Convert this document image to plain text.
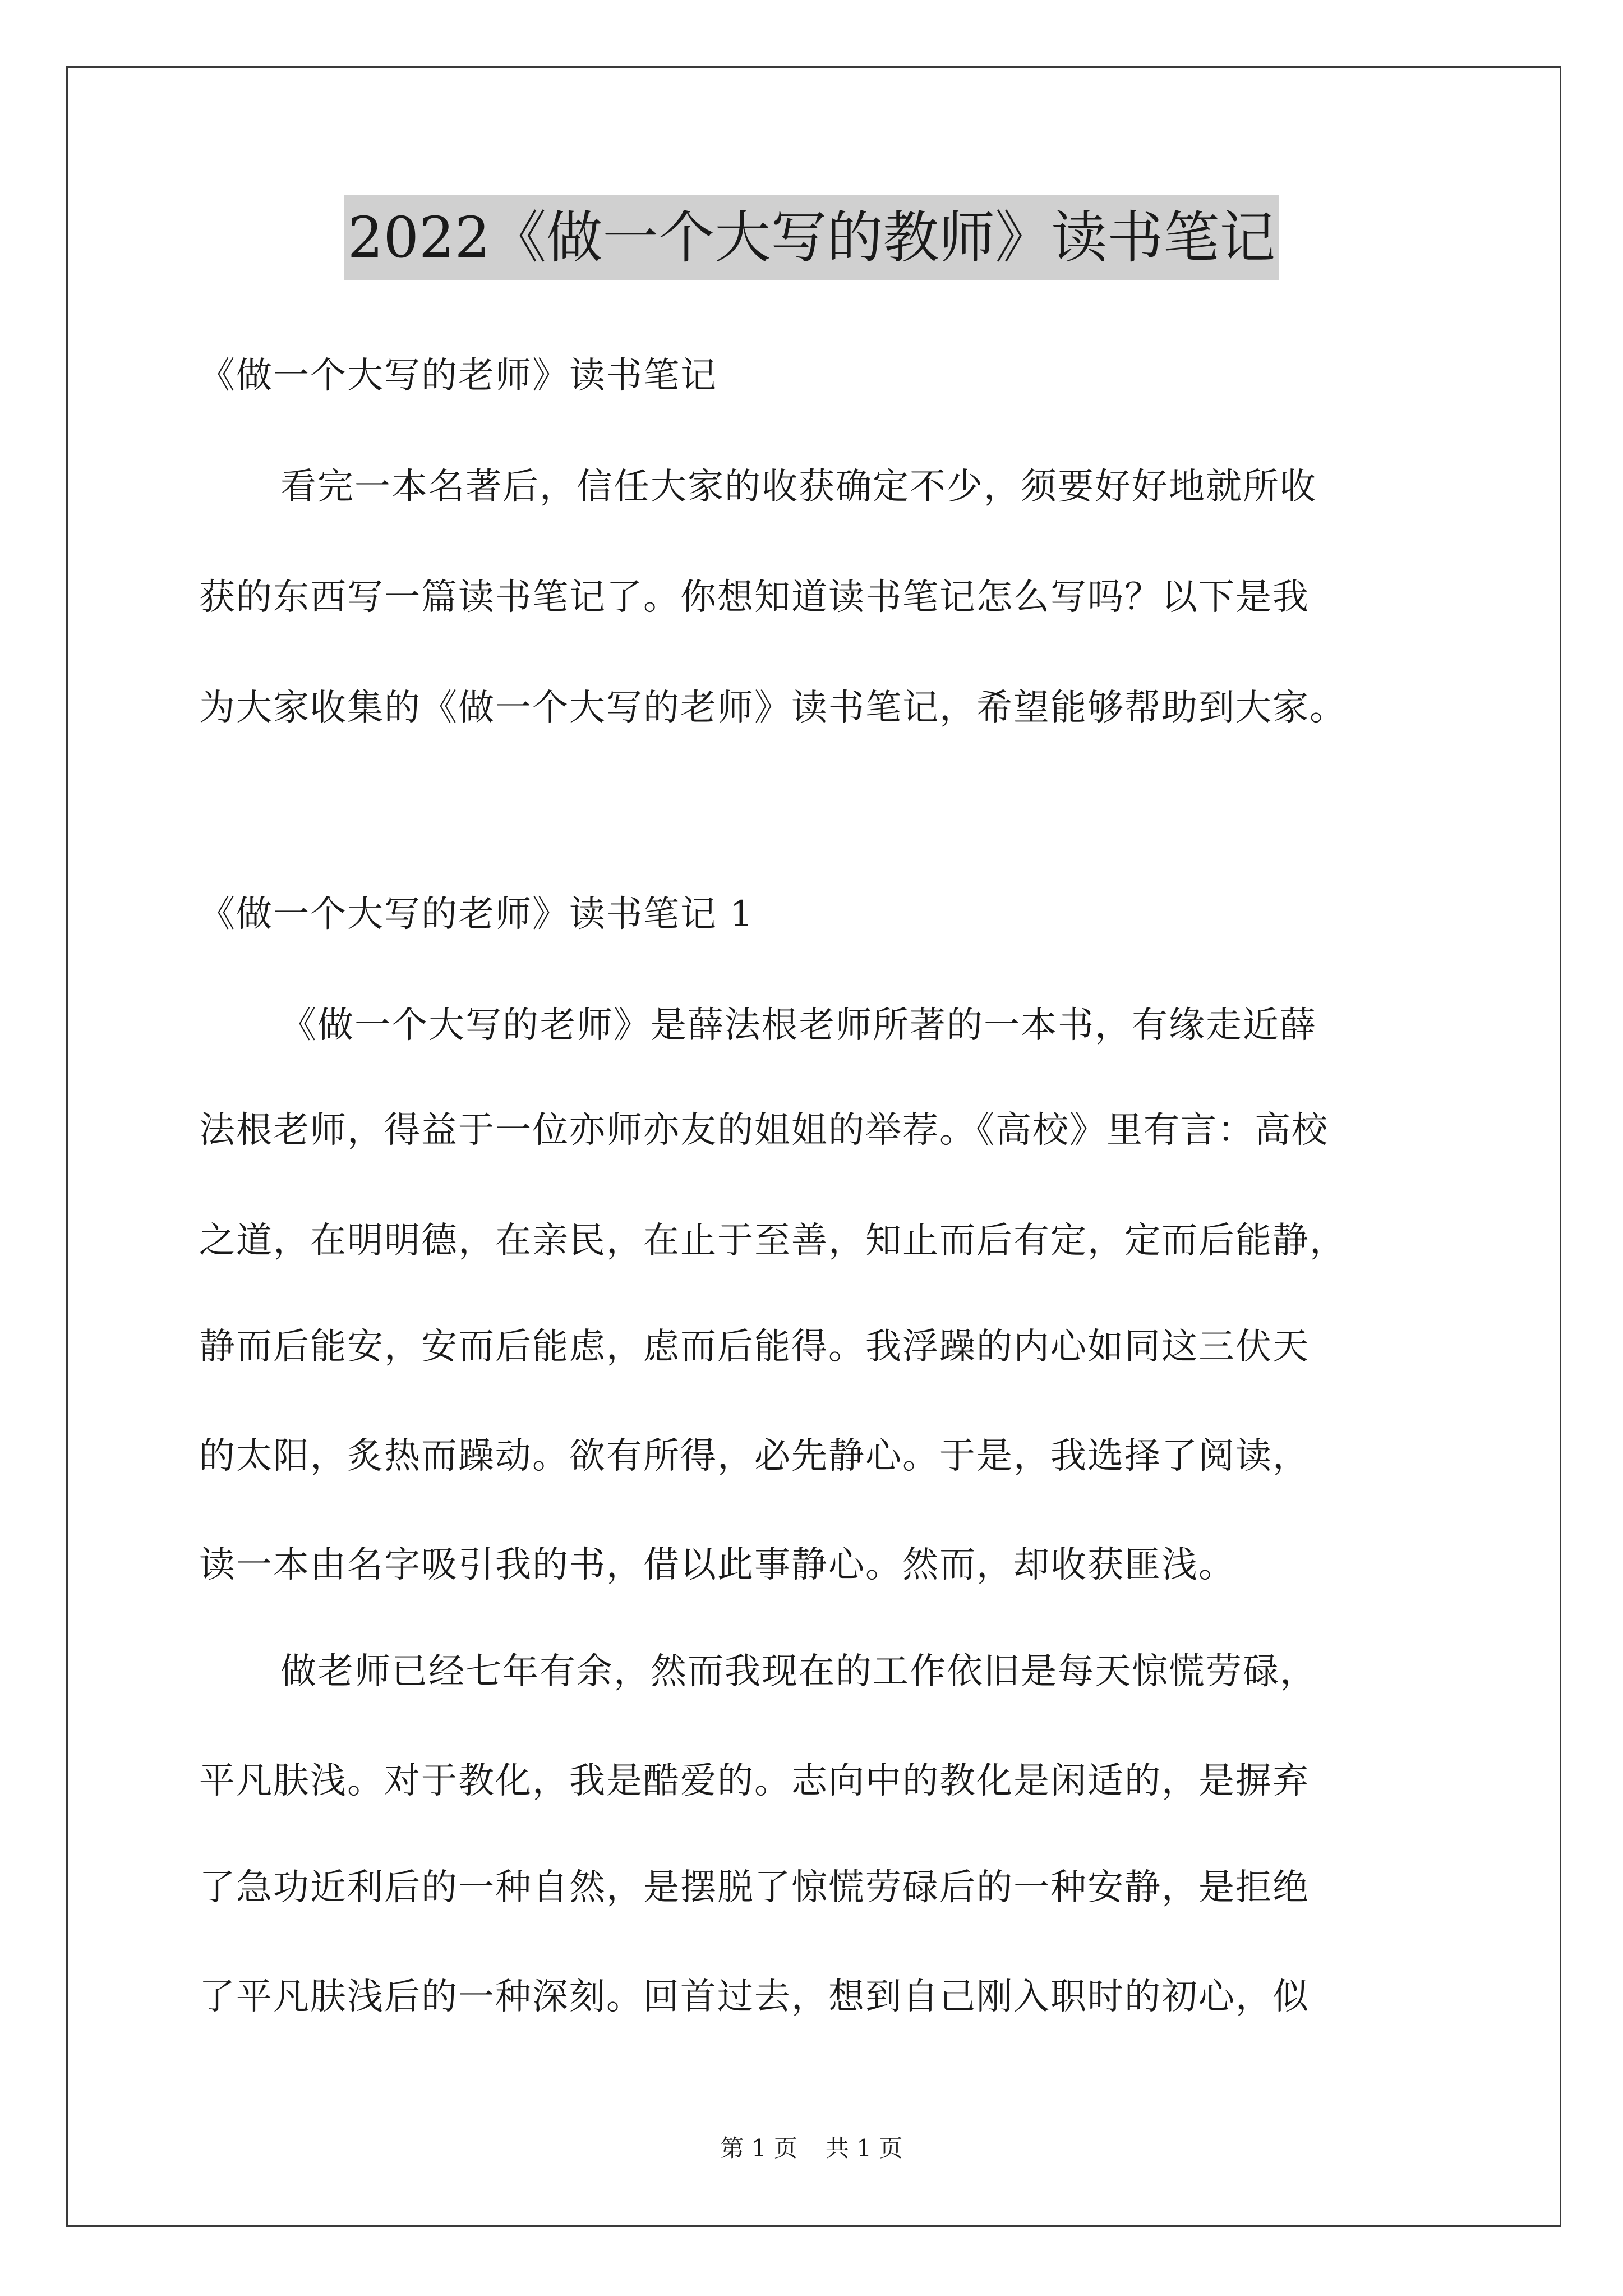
2022《做一个大写的教师》读书笔记
《做一个大写的老师》读书笔记
看完一本名著后，信任大家的收获确定不少，须要好好地就所收
获的东西写一篇读书笔记了。你想知道读书笔记怎么写吗？以下是我
为大家收集的《做一个大写的老师》读书笔记，希望能够帮助到大家。
《做一个大写的老师》读书笔记 1
《做一个大写的老师》是薛法根老师所著的一本书，有缘走近薛
法根老师，得益于一位亦师亦友的姐姐的举荐。《高校》里有言：高校
之道，在明明德，在亲民，在止于至善，知止而后有定，定而后能静，
静而后能安，安而后能虑，虑而后能得。我浮躁的内心如同这三伏天
的太阳，炙热而躁动。欲有所得，必先静心。于是，我选择了阅读，
读一本由名字吸引我的书，借以此事静心。然而，却收获匪浅。
做老师已经七年有余，然而我现在的工作依旧是每天惊慌劳碌，
平凡肤浅。对于教化，我是酷爱的。志向中的教化是闲适的，是摒弃
了急功近利后的一种自然，是摆脱了惊慌劳碌后的一种安静，是拒绝
了平凡肤浅后的一种深刻。回首过去，想到自己刚入职时的初心，似
第 1 页 共 1 页
